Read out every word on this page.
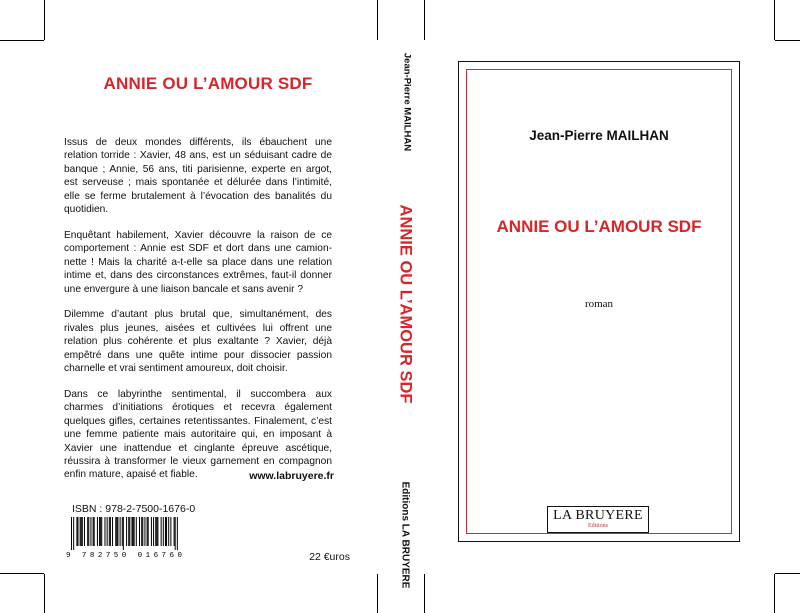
ANNIE OU L’AMOUR SDF

Issus de deux mondes différents, ils ébauchent une relation torride : Xavier, 48 ans, est un séduisant cadre de banque ; Annie, 56 ans, titi parisienne, experte en argot, est serveuse ; mais spontanée et délurée dans l’intimité, elle se ferme brutalement à l’évocation des banalités du quotidien.

Enquêtant habilement, Xavier découvre la raison de ce comportement : Annie est SDF et dort dans une camion-nette ! Mais la charité a-t-elle sa place dans une relation intime et, dans des circonstances extrêmes, faut-il donner une envergure à une liaison bancale et sans avenir ?

Dilemme d’autant plus brutal que, simultanément, des rivales plus jeunes, aisées et cultivées lui offrent une relation plus cohérente et plus exaltante ? Xavier, déjà empêtré dans une quête intime pour dissocier passion charnelle et vrai sentiment amoureux, doit choisir.

Dans ce labyrinthe sentimental, il succombera aux charmes d’initiations érotiques et recevra également quelques gifles, certaines retentissantes. Finalement, c’est une femme patiente mais autoritaire qui, en imposant à Xavier une inattendue et cinglante épreuve ascétique, réussira à transformer le vieux garnement en compagnon enfin mature, apaisé et fiable.	www.labruyere.fr
ISBN : 978-2-7500-1676-0
9 782750 016760	22 €uros
Jean-Pierre MAILHAN
ANNIE OU L’AMOUR SDF
Editions LA BRUYERE
Jean-Pierre MAILHAN
ANNIE OU L’AMOUR SDF
roman
LA BRUYERE
Editions
